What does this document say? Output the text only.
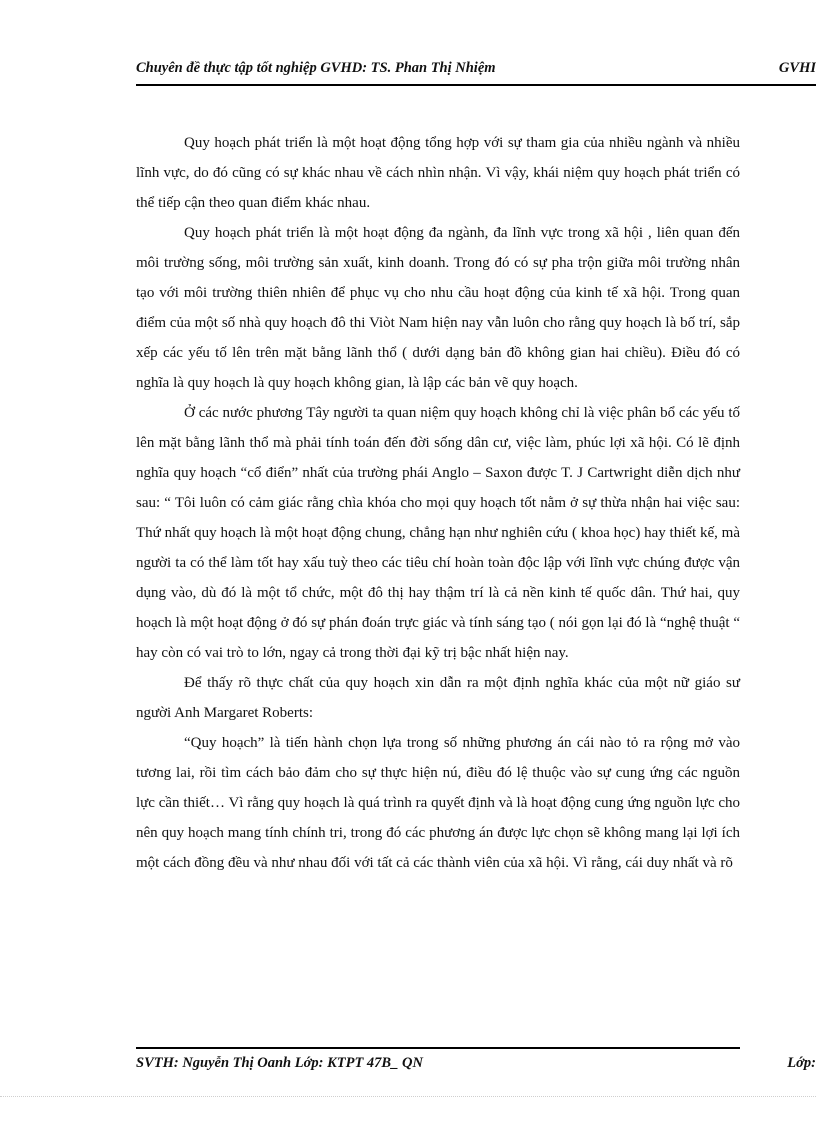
Chuyên đề thực tập tốt nghiệp GVHD: TS. Phan Thị Nhiệm	GVHI

Quy hoạch phát triển là một hoạt động tổng hợp với sự tham gia của nhiều ngành và nhiều lĩnh vực, do đó cũng có sự khác nhau về cách nhìn nhận. Vì vậy, khái niệm quy hoạch phát triển có thể tiếp cận theo quan điểm khác nhau.

Quy hoạch phát triển là một hoạt động đa ngành, đa lĩnh vực trong xã hội , liên quan đến môi trường sống, môi trường sản xuất, kinh doanh. Trong đó có sự pha trộn giữa môi trường nhân tạo với môi trường thiên nhiên để phục vụ cho nhu cầu hoạt động của kinh tế xã hội. Trong quan điểm của một số nhà quy hoạch đô thi Viòt Nam hiện nay vẫn luôn cho rằng quy hoạch là bố trí, sắp xếp các yếu tố lên trên mặt bằng lãnh thổ ( dưới dạng bản đồ không gian hai chiều). Điều đó có nghĩa là quy hoạch là quy hoạch không gian, là lập các bản vẽ quy hoạch.

Ở các nước phương Tây người ta quan niệm quy hoạch không chỉ là việc phân bổ các yếu tố lên mặt bằng lãnh thổ mà phải tính toán đến đời sống dân cư, việc làm, phúc lợi xã hội. Có lẽ định nghĩa quy hoạch “cổ điển” nhất của trường phái Anglo – Saxon được T. J Cartwright diễn dịch như sau: “ Tôi luôn có cảm giác rằng chìa khóa cho mọi quy hoạch tốt nằm ở sự thừa nhận hai việc sau: Thứ nhất quy hoạch là một hoạt động chung, chẳng hạn như nghiên cứu ( khoa học) hay thiết kế, mà người ta có thể làm tốt hay xấu tuỳ theo các tiêu chí hoàn toàn độc lập với lĩnh vực chúng được vận dụng vào, dù đó là một tổ chức, một đô thị hay thậm trí là cả nền kinh tế quốc dân. Thứ hai, quy hoạch là một hoạt động ở đó sự phán đoán trực giác và tính sáng tạo ( nói gọn lại đó là “nghệ thuật “ hay còn có vai trò to lớn, ngay cả trong thời đại kỹ trị bậc nhất hiện nay.

Để thấy rõ thực chất của quy hoạch xin dẫn ra một định nghĩa khác của một nữ giáo sư người Anh Margaret Roberts:

“Quy hoạch” là tiến hành chọn lựa trong số những phương án cái nào tỏ ra rộng mở vào tương lai, rồi tìm cách bảo đảm cho sự thực hiện nú, điều đó lệ thuộc vào sự cung ứng các nguồn lực cần thiết… Vì rằng quy hoạch là quá trình ra quyết định và là hoạt động cung ứng nguồn lực cho nên quy hoạch mang tính chính tri, trong đó các phương án được lực chọn sẽ không mang lại lợi ích một cách đồng đều và như nhau đối với tất cả các thành viên của xã hội. Vì rằng, cái duy nhất và rõ

SVTH: Nguyễn Thị Oanh Lớp: KTPT 47B_ QN	Lớp:
